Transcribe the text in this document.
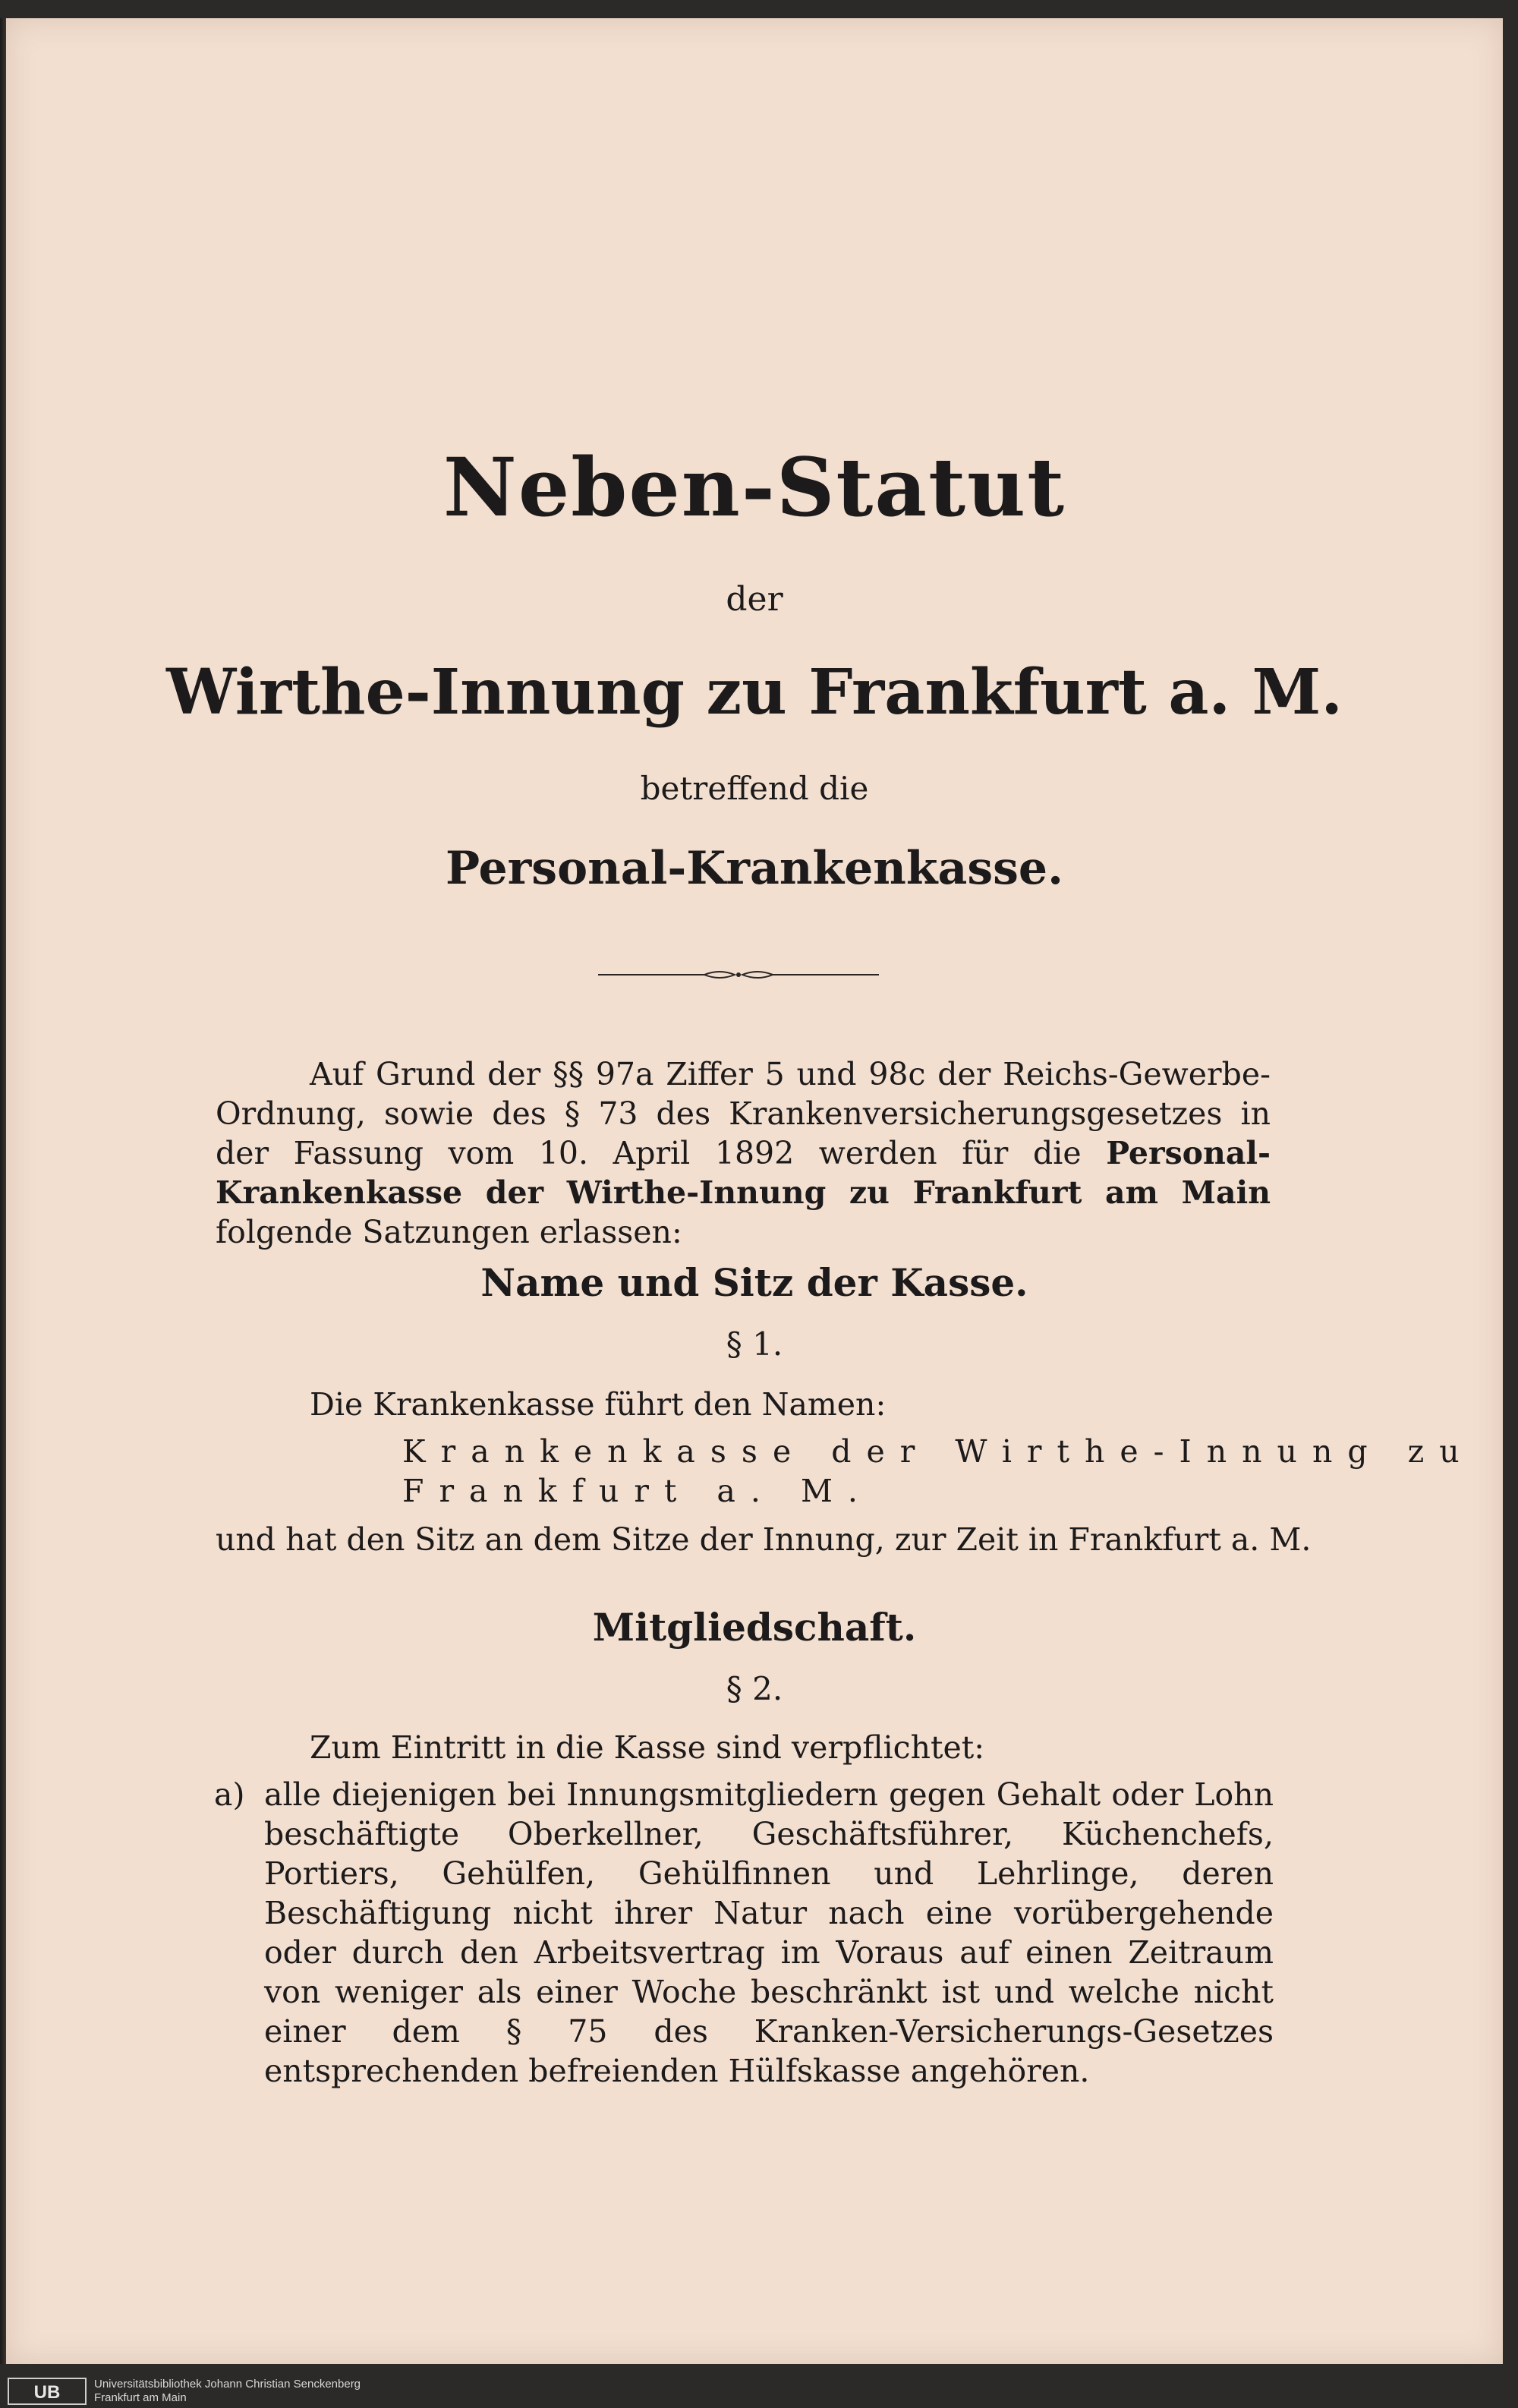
Neben-Statut

der

Wirthe-Innung zu Frankfurt a. M.

betreffend die

Personal-Krankenkasse.

Auf Grund der §§ 97a Ziffer 5 und 98c der Reichs-Gewerbe-Ordnung, sowie des § 73 des Krankenversicherungsgesetzes in der Fassung vom 10. April 1892 werden für die Personal-Krankenkasse der Wirthe-Innung zu Frankfurt am Main folgende Satzungen erlassen:

Name und Sitz der Kasse.

§ 1.

Die Krankenkasse führt den Namen:

Krankenkasse der Wirthe-Innung zu

Frankfurt a. M.

und hat den Sitz an dem Sitze der Innung, zur Zeit in Frankfurt a. M.

Mitgliedschaft.

§ 2.

Zum Eintritt in die Kasse sind verpflichtet:

a) alle diejenigen bei Innungsmitgliedern gegen Gehalt oder Lohn beschäftigte Oberkellner, Geschäftsführer, Küchenchefs, Portiers, Gehülfen, Gehülfinnen und Lehrlinge, deren Beschäftigung nicht ihrer Natur nach eine vorübergehende oder durch den Arbeitsvertrag im Voraus auf einen Zeitraum von weniger als einer Woche beschränkt ist und welche nicht einer dem § 75 des Kranken-Versicherungs-Gesetzes entsprechenden befreienden Hülfskasse angehören.

UB	Universitätsbibliothek Johann Christian Senckenberg

Frankfurt am Main
